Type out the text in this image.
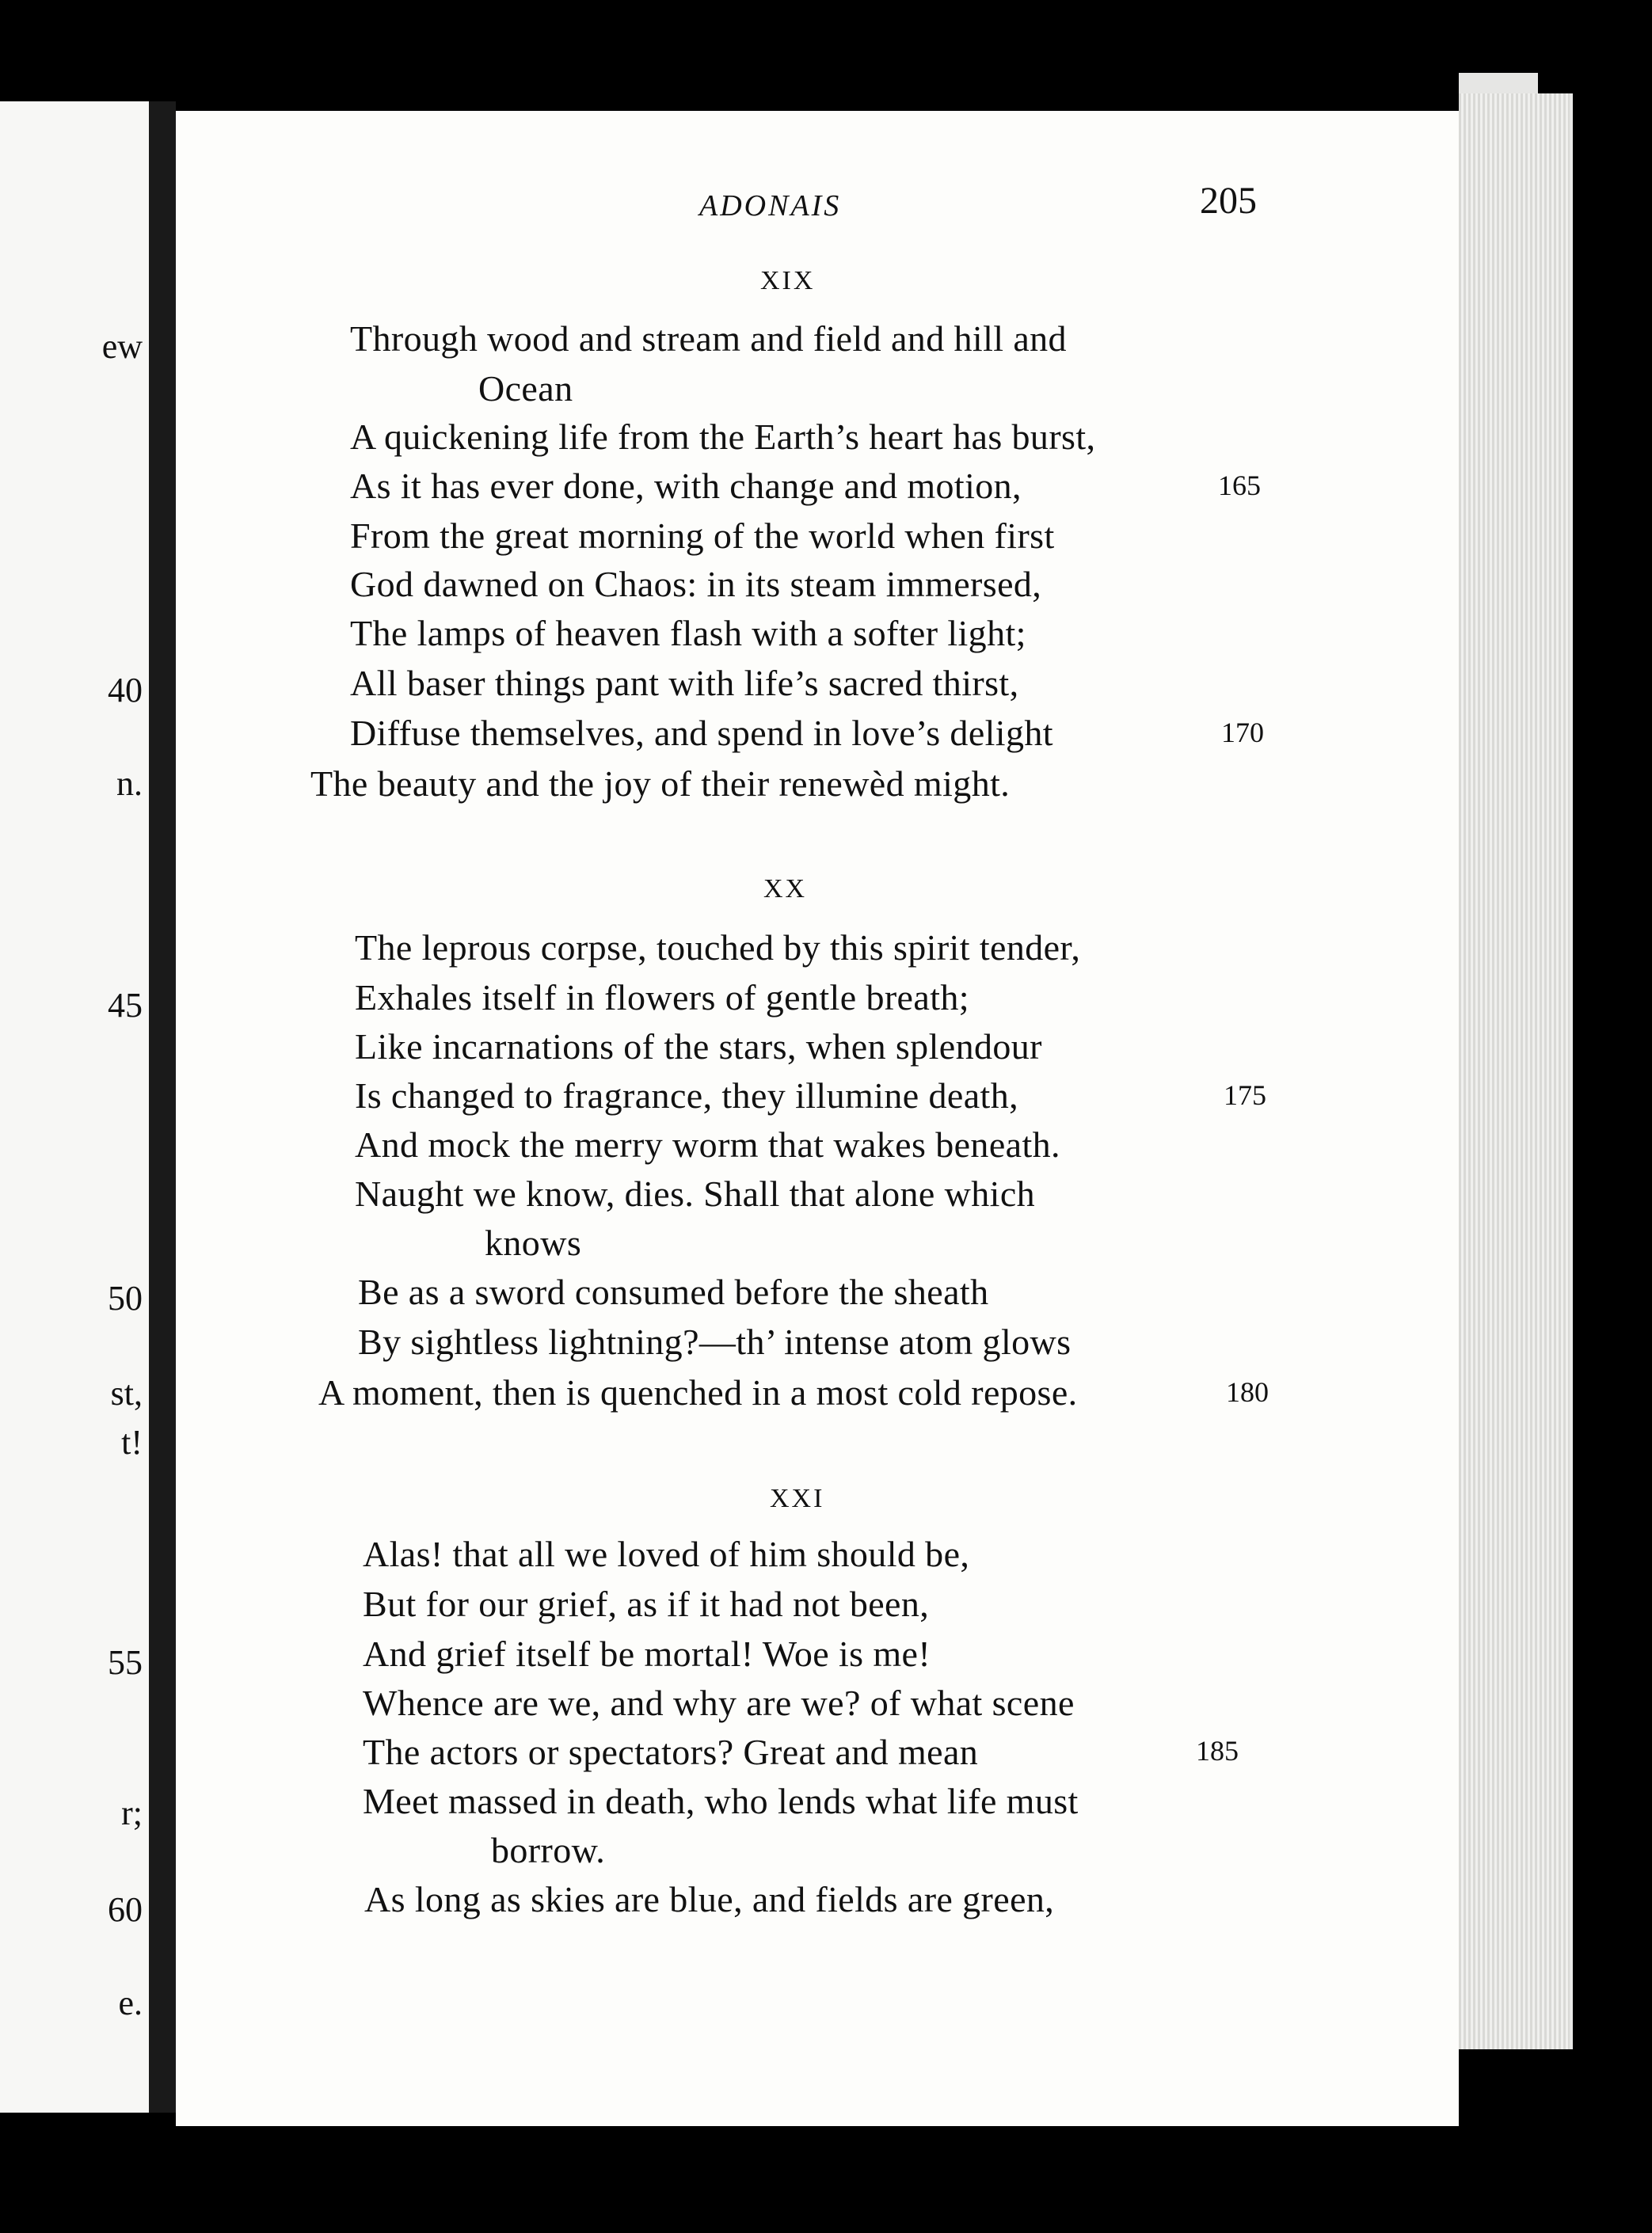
ew
40
n.
45
50
st,
t!
55
r;
60
e.
ADONAIS	205
XIX
Through wood and stream and field and hill and
Ocean
A quickening life from the Earth’s heart has burst,
As it has ever done, with change and motion,
From the great morning of the world when first
God dawned on Chaos: in its steam immersed,
The lamps of heaven flash with a softer light;
All baser things pant with life’s sacred thirst,
Diffuse themselves, and spend in love’s delight
The beauty and the joy of their renewèd might.
165
170
XX
The leprous corpse, touched by this spirit tender,
Exhales itself in flowers of gentle breath;
Like incarnations of the stars, when splendour
Is changed to fragrance, they illumine death,
And mock the merry worm that wakes beneath.
Naught we know, dies. Shall that alone which
knows
Be as a sword consumed before the sheath
By sightless lightning?—th’ intense atom glows
A moment, then is quenched in a most cold repose.
175
180
XXI
Alas! that all we loved of him should be,
But for our grief, as if it had not been,
And grief itself be mortal! Woe is me!
Whence are we, and why are we? of what scene
The actors or spectators? Great and mean
Meet massed in death, who lends what life must
borrow.
As long as skies are blue, and fields are green,
185
